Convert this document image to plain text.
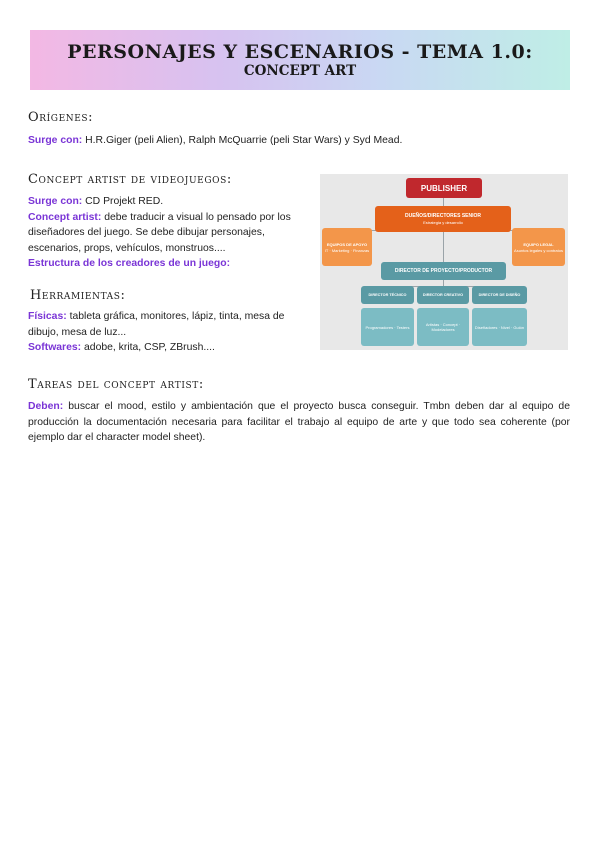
PERSONAJES Y ESCENARIOS - TEMA 1.0:
CONCEPT ART
Orígenes:
Surge con: H.R.Giger (peli Alien), Ralph McQuarrie (peli Star Wars) y Syd Mead.
Concept artist de videojuegos:
Surge con: CD Projekt RED.
Concept artist: debe traducir a visual lo pensado por los diseñadores del juego. Se debe dibujar personajes, escenarios, props, vehículos, monstruos....
Estructura de los creadores de un juego:
Herramientas:
Físicas: tableta gráfica, monitores, lápiz, tinta, mesa de dibujo, mesa de luz...
Softwares: adobe, krita, CSP, ZBrush....
Tareas del concept artist:
Deben: buscar el mood, estilo y ambientación que el proyecto busca conseguir. Tmbn deben dar al equipo de producción la documentación necesaria para facilitar el trabajo al equipo de arte y que todo sea coherente (por ejemplo dar el character model sheet).
PUBLISHER
DUEÑOS/DIRECTORES SENIOR
Estrategia y desarrollo
EQUIPOS DE APOYO
IT · Marketing · Finanzas
EQUIPO LEGAL
Asuntos legales y contratos
DIRECTOR DE PROYECTO/PRODUCTOR
DIRECTOR TÉCNICO	DIRECTOR CREATIVO	DIRECTOR DE DISEÑO
Programadores · Testers	Artistas · Concept · Modeladores	Diseñadores · Nivel · Guión
